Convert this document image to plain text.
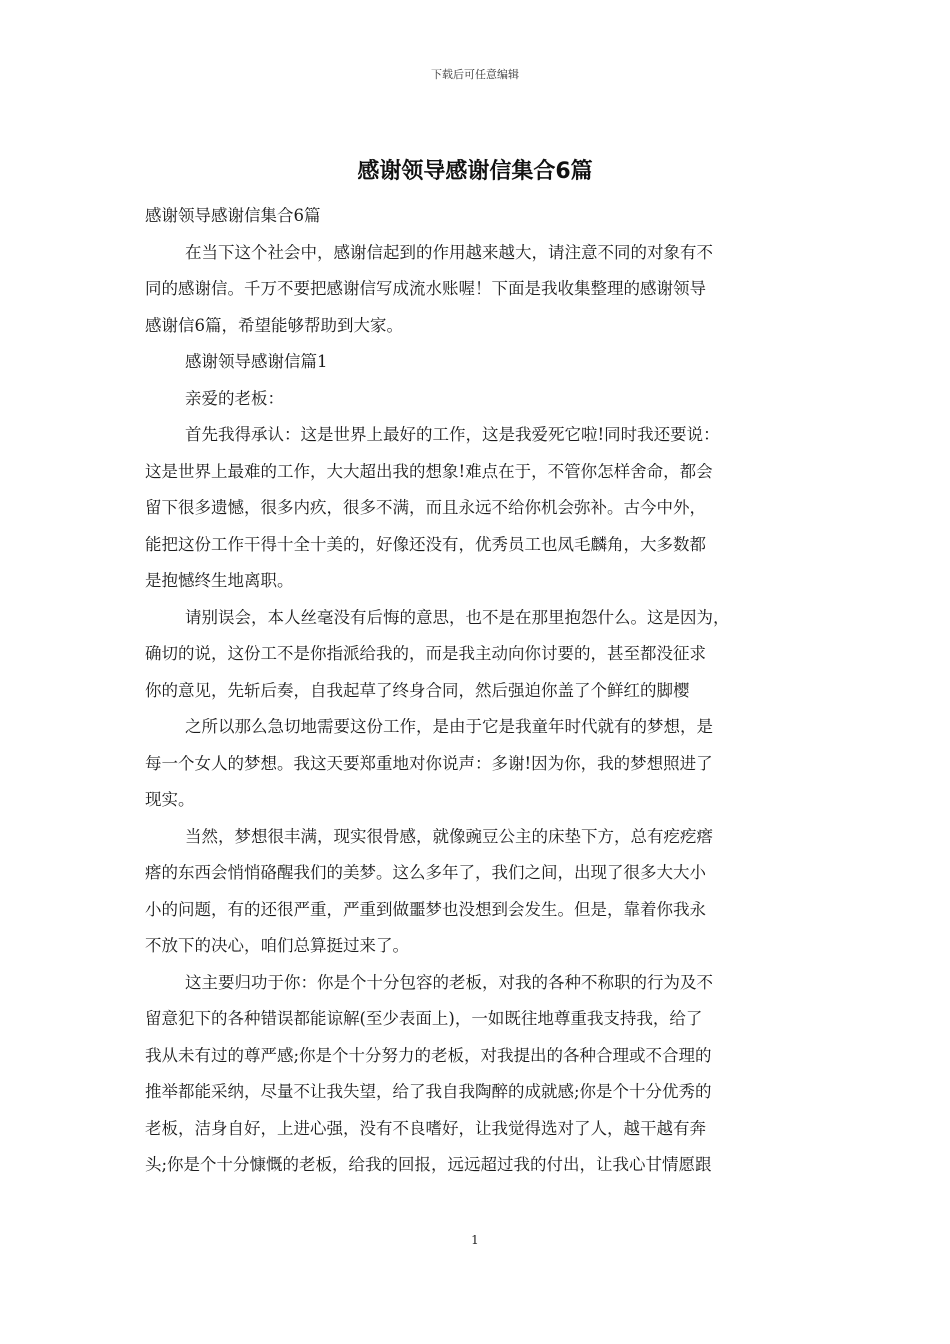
下载后可任意编辑
感谢领导感谢信集合6篇

感谢领导感谢信集合6篇

在当下这个社会中，感谢信起到的作用越来越大，请注意不同的对象有不
同的感谢信。千万不要把感谢信写成流水账喔！下面是我收集整理的感谢领导
感谢信6篇，希望能够帮助到大家。

感谢领导感谢信篇1

亲爱的老板：

首先我得承认：这是世界上最好的工作，这是我爱死它啦!同时我还要说：
这是世界上最难的工作，大大超出我的想象!难点在于，不管你怎样舍命，都会
留下很多遗憾，很多内疚，很多不满，而且永远不给你机会弥补。古今中外，
能把这份工作干得十全十美的，好像还没有，优秀员工也凤毛麟角，大多数都
是抱憾终生地离职。

请别误会，本人丝毫没有后悔的意思，也不是在那里抱怨什么。这是因为，
确切的说，这份工不是你指派给我的，而是我主动向你讨要的，甚至都没征求
你的意见，先斩后奏，自我起草了终身合同，然后强迫你盖了个鲜红的脚樱

之所以那么急切地需要这份工作，是由于它是我童年时代就有的梦想，是
每一个女人的梦想。我这天要郑重地对你说声：多谢!因为你，我的梦想照进了
现实。

当然，梦想很丰满，现实很骨感，就像豌豆公主的床垫下方，总有疙疙瘩
瘩的东西会悄悄硌醒我们的美梦。这么多年了，我们之间，出现了很多大大小
小的问题，有的还很严重，严重到做噩梦也没想到会发生。但是，靠着你我永
不放下的决心，咱们总算挺过来了。

这主要归功于你：你是个十分包容的老板，对我的各种不称职的行为及不
留意犯下的各种错误都能谅解(至少表面上)，一如既往地尊重我支持我，给了
我从未有过的尊严感;你是个十分努力的老板，对我提出的各种合理或不合理的
推举都能采纳，尽量不让我失望，给了我自我陶醉的成就感;你是个十分优秀的
老板，洁身自好，上进心强，没有不良嗜好，让我觉得选对了人，越干越有奔
头;你是个十分慷慨的老板，给我的回报，远远超过我的付出，让我心甘情愿跟

1
